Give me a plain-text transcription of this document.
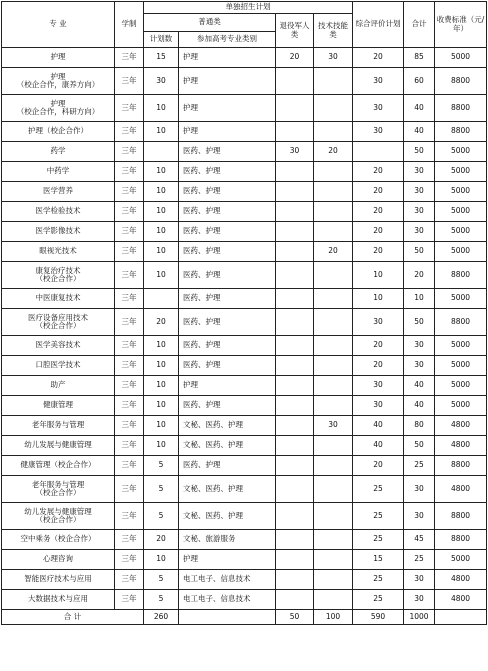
专 业	学制	单独招生计划				综合评价计划	合计	收费标准（元/年）
		普通类		退役军人类	技术技能类			
		计划数	参加高考专业类别					
护理	三年	15	护理	20	30	20	85	5000
护理
（校企合作，康养方向）	三年	30	护理			30	60	8800
护理
（校企合作，科研方向）	三年	10	护理			30	40	8800
护理（校企合作）	三年	10	护理			30	40	8800
药学	三年		医药、护理	30	20		50	5000
中药学	三年	10	医药、护理			20	30	5000
医学营养	三年	10	医药、护理			20	30	5000
医学检验技术	三年	10	医药、护理			20	30	5000
医学影像技术	三年	10	医药、护理			20	30	5000
眼视光技术	三年	10	医药、护理		20	20	50	5000
康复治疗技术
（校企合作）	三年	10	医药、护理			10	20	8800
中医康复技术	三年		医药、护理			10	10	5000
医疗设备应用技术
（校企合作）	三年	20	医药、护理			30	50	8800
医学美容技术	三年	10	医药、护理			20	30	5000
口腔医学技术	三年	10	医药、护理			20	30	5000
助产	三年	10	护理			30	40	5000
健康管理	三年	10	医药、护理			30	40	5000
老年服务与管理	三年	10	文秘、医药、护理		30	40	80	4800
幼儿发展与健康管理	三年	10	文秘、医药、护理			40	50	4800
健康管理（校企合作）	三年	5	医药、护理			20	25	8800
老年服务与管理
（校企合作）	三年	5	文秘、医药、护理			25	30	4800
幼儿发展与健康管理
（校企合作）	三年	5	文秘、医药、护理			25	30	8800
空中乘务（校企合作）	三年	20	文秘、旅游服务			25	45	8800
心理咨询	三年	10	护理			15	25	5000
智能医疗技术与应用	三年	5	电工电子、信息技术			25	30	4800
大数据技术与应用	三年	5	电工电子、信息技术			25	30	4800
合 计		260		50	100	590	1000	
